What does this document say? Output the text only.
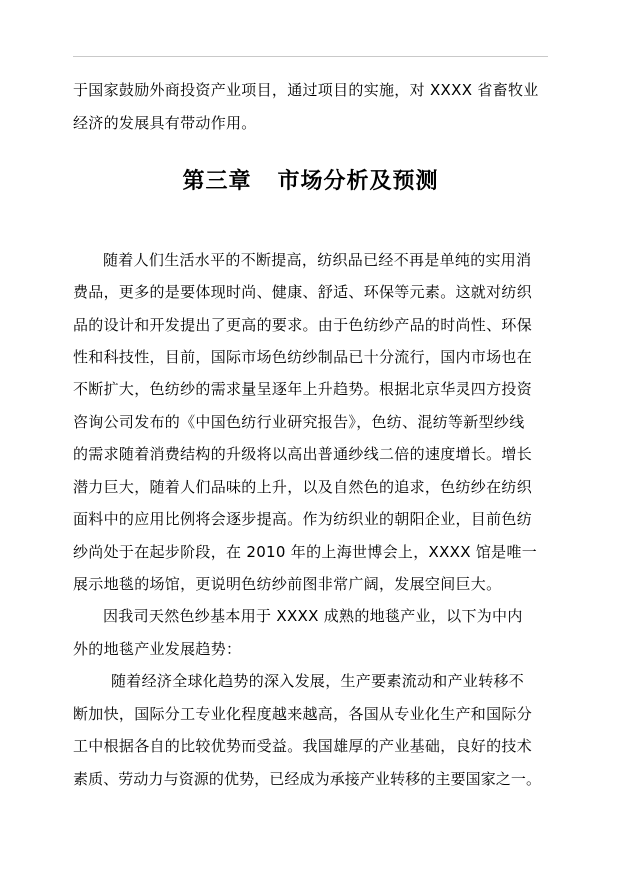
于国家鼓励外商投资产业项目，通过项目的实施，对 XXXX 省畜牧业
经济的发展具有带动作用。
第三章 市场分析及预测
随着人们生活水平的不断提高，纺织品已经不再是单纯的实用消
费品，更多的是要体现时尚、健康、舒适、环保等元素。这就对纺织
品的设计和开发提出了更高的要求。由于色纺纱产品的时尚性、环保
性和科技性，目前，国际市场色纺纱制品已十分流行，国内市场也在
不断扩大，色纺纱的需求量呈逐年上升趋势。根据北京华灵四方投资
咨询公司发布的《中国色纺行业研究报告》，色纺、混纺等新型纱线
的需求随着消费结构的升级将以高出普通纱线二倍的速度增长。增长
潜力巨大，随着人们品味的上升，以及自然色的追求，色纺纱在纺织
面料中的应用比例将会逐步提高。作为纺织业的朝阳企业，目前色纺
纱尚处于在起步阶段，在 2010 年的上海世博会上，XXXX 馆是唯一
展示地毯的场馆，更说明色纺纱前图非常广阔，发展空间巨大。
因我司天然色纱基本用于 XXXX 成熟的地毯产业，以下为中内
外的地毯产业发展趋势：
随着经济全球化趋势的深入发展，生产要素流动和产业转移不
断加快，国际分工专业化程度越来越高，各国从专业化生产和国际分
工中根据各自的比较优势而受益。我国雄厚的产业基础，良好的技术
素质、劳动力与资源的优势，已经成为承接产业转移的主要国家之一。
